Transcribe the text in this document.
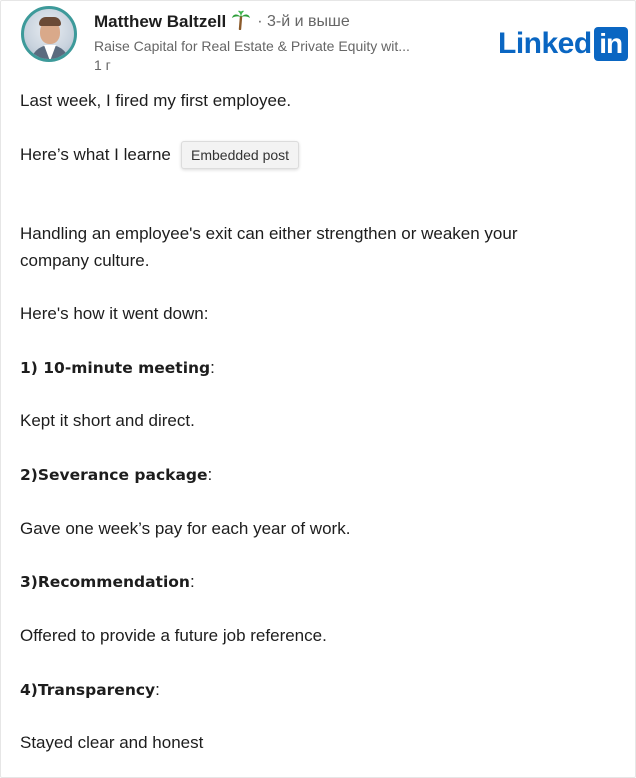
Matthew Baltzell · 3-й и выше
Raise Capital for Real Estate & Private Equity wit...
1 г
Linked in

Last week, I fired my first employee.

Here’s what I learne	Embedded post

Handling an employee's exit can either strengthen or weaken your company culture.

Here's how it went down:

1) 10-minute meeting:

Kept it short and direct.

2)Severance package:

Gave one week’s pay for each year of work.

3)Recommendation:

Offered to provide a future job reference.

4)Transparency:

Stayed clear and honest
